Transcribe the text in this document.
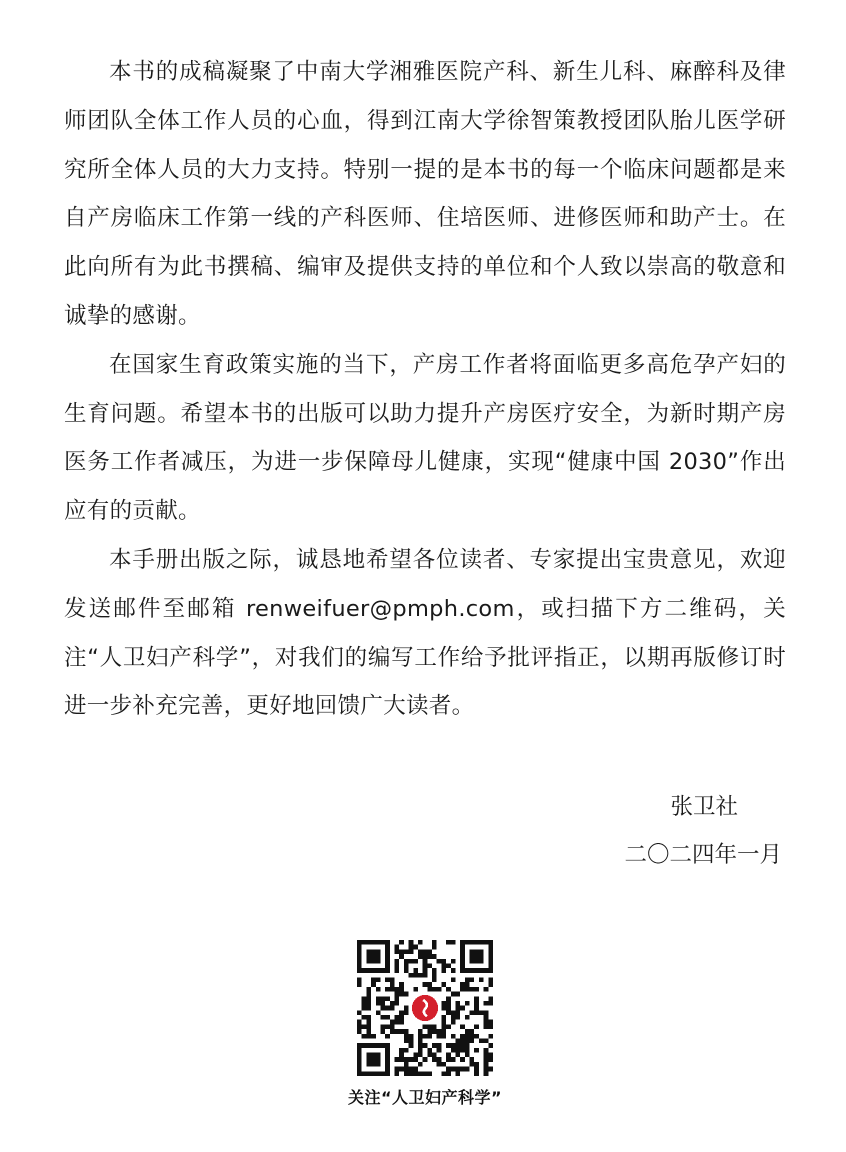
本书的成稿凝聚了中南大学湘雅医院产科、新生儿科、麻醉科及律师团队全体工作人员的心血，得到江南大学徐智策教授团队胎儿医学研究所全体人员的大力支持。特别一提的是本书的每一个临床问题都是来自产房临床工作第一线的产科医师、住培医师、进修医师和助产士。在此向所有为此书撰稿、编审及提供支持的单位和个人致以崇高的敬意和诚挚的感谢。

在国家生育政策实施的当下，产房工作者将面临更多高危孕产妇的生育问题。希望本书的出版可以助力提升产房医疗安全，为新时期产房医务工作者减压，为进一步保障母儿健康，实现“健康中国 2030”作出应有的贡献。

本手册出版之际，诚恳地希望各位读者、专家提出宝贵意见，欢迎发送邮件至邮箱 renweifuer@pmph.com，或扫描下方二维码，关注“人卫妇产科学”，对我们的编写工作给予批评指正，以期再版修订时进一步补充完善，更好地回馈广大读者。

张卫社
二〇二四年一月
关注“人卫妇产科学”
